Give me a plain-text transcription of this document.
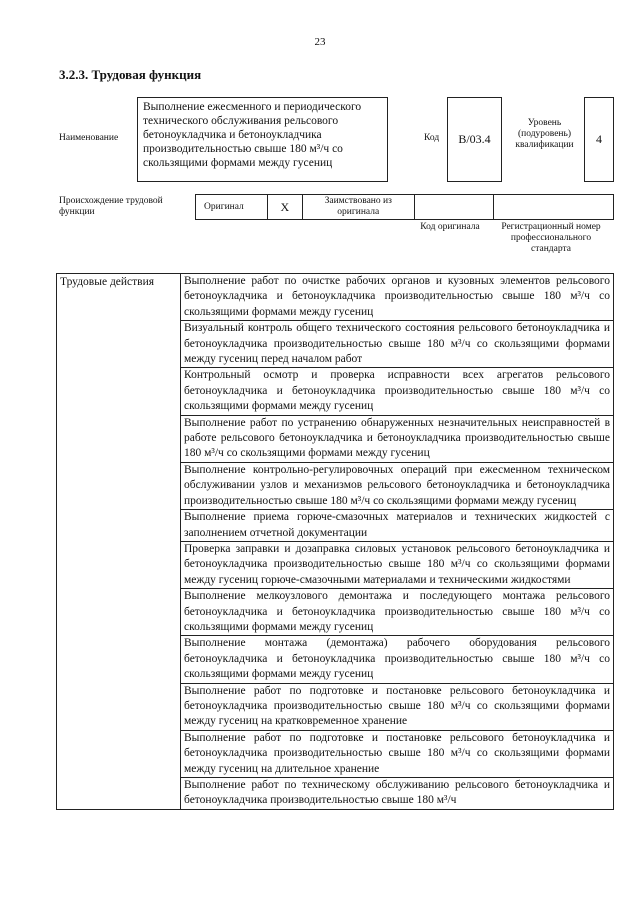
23
3.2.3. Трудовая функция
Наименование
Выполнение ежесменного и периодического технического обслуживания рельсового бетоноукладчика и бетоноукладчика производительностью свыше 180 м³/ч со скользящими формами между гусениц
Код B/03.4
Уровень (подуровень) квалификации	4
Происхождение трудовой функции
Оригинал	X	Заимствовано из оригинала		
Код оригинала	Регистрационный номер профессионального стандарта
Трудовые действия	Выполнение работ по очистке рабочих органов и кузовных элементов рельсового бетоноукладчика и бетоноукладчика производительностью свыше 180 м³/ч со скользящими формами между гусениц
Визуальный контроль общего технического состояния рельсового бетоноукладчика и бетоноукладчика производительностью свыше 180 м³/ч со скользящими формами между гусениц перед началом работ
Контрольный осмотр и проверка исправности всех агрегатов рельсового бетоноукладчика и бетоноукладчика производительностью свыше 180 м³/ч со скользящими формами между гусениц
Выполнение работ по устранению обнаруженных незначительных неисправностей в работе рельсового бетоноукладчика и бетоноукладчика производительностью свыше 180 м³/ч со скользящими формами между гусениц
Выполнение контрольно-регулировочных операций при ежесменном техническом обслуживании узлов и механизмов рельсового бетоноукладчика и бетоноукладчика производительностью свыше 180 м³/ч со скользящими формами между гусениц
Выполнение приема горюче-смазочных материалов и технических жидкостей с заполнением отчетной документации
Проверка заправки и дозаправка силовых установок рельсового бетоноукладчика и бетоноукладчика производительностью свыше 180 м³/ч со скользящими формами между гусениц горюче-смазочными материалами и техническими жидкостями
Выполнение мелкоузлового демонтажа и последующего монтажа рельсового бетоноукладчика и бетоноукладчика производительностью свыше 180 м³/ч со скользящими формами между гусениц
Выполнение монтажа (демонтажа) рабочего оборудования рельсового бетоноукладчика и бетоноукладчика производительностью свыше 180 м³/ч со скользящими формами между гусениц
Выполнение работ по подготовке и постановке рельсового бетоноукладчика и бетоноукладчика производительностью свыше 180 м³/ч со скользящими формами между гусениц на кратковременное хранение
Выполнение работ по подготовке и постановке рельсового бетоноукладчика и бетоноукладчика производительностью свыше 180 м³/ч со скользящими формами между гусениц на длительное хранение
Выполнение работ по техническому обслуживанию рельсового бетоноукладчика и бетоноукладчика производительностью свыше 180 м³/ч
